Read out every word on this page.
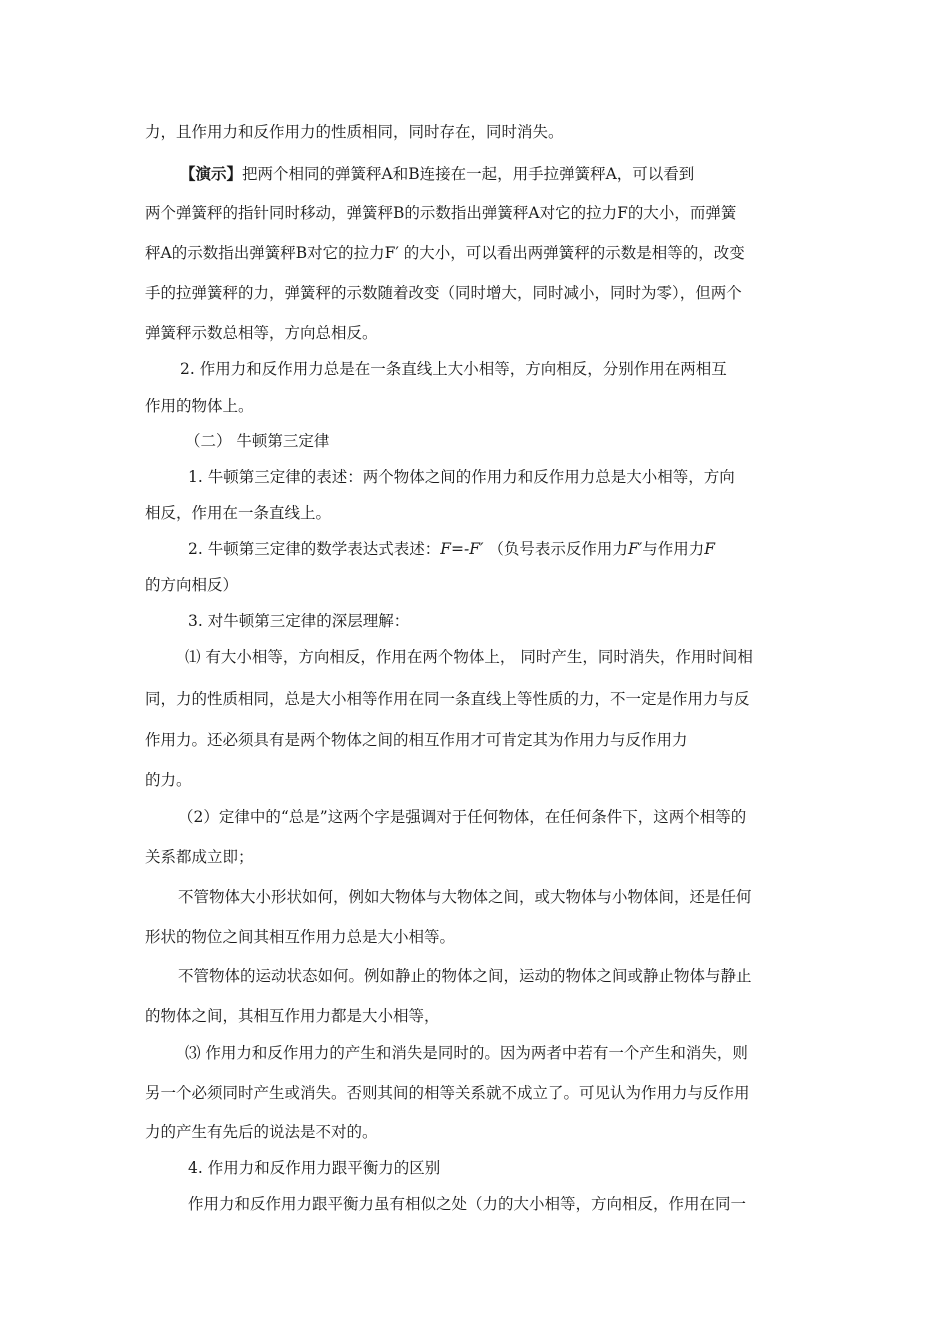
力，且作用力和反作用力的性质相同，同时存在，同时消失。
【演示】把两个相同的弹簧秤A和B连接在一起，用手拉弹簧秤A，可以看到
两个弹簧秤的指针同时移动，弹簧秤B的示数指出弹簧秤A对它的拉力F的大小，而弹簧
秤A的示数指出弹簧秤B对它的拉力F′ 的大小，可以看出两弹簧秤的示数是相等的，改变
手的拉弹簧秤的力，弹簧秤的示数随着改变（同时增大，同时减小，同时为零），但两个
弹簧秤示数总相等，方向总相反。
2. 作用力和反作用力总是在一条直线上大小相等，方向相反，分别作用在两相互
作用的物体上。
（二） 牛顿第三定律
1. 牛顿第三定律的表述：两个物体之间的作用力和反作用力总是大小相等，方向
相反，作用在一条直线上。
2. 牛顿第三定律的数学表达式表述：F=-F′ （负号表示反作用力F′与作用力F
的方向相反）
3. 对牛顿第三定律的深层理解：
⑴ 有大小相等，方向相反，作用在两个物体上， 同时产生，同时消失，作用时间相
同，力的性质相同，总是大小相等作用在同一条直线上等性质的力，不一定是作用力与反
作用力。还必须具有是两个物体之间的相互作用才可肯定其为作用力与反作用力
的力。
（2）定律中的“总是”这两个字是强调对于任何物体，在任何条件下，这两个相等的
关系都成立即；
不管物体大小形状如何，例如大物体与大物体之间，或大物体与小物体间，还是任何
形状的物位之间其相互作用力总是大小相等。
不管物体的运动状态如何。例如静止的物体之间，运动的物体之间或静止物体与静止
的物体之间，其相互作用力都是大小相等，
⑶ 作用力和反作用力的产生和消失是同时的。因为两者中若有一个产生和消失，则
另一个必须同时产生或消失。否则其间的相等关系就不成立了。可见认为作用力与反作用
力的产生有先后的说法是不对的。
4. 作用力和反作用力跟平衡力的区别
作用力和反作用力跟平衡力虽有相似之处（力的大小相等，方向相反，作用在同一
